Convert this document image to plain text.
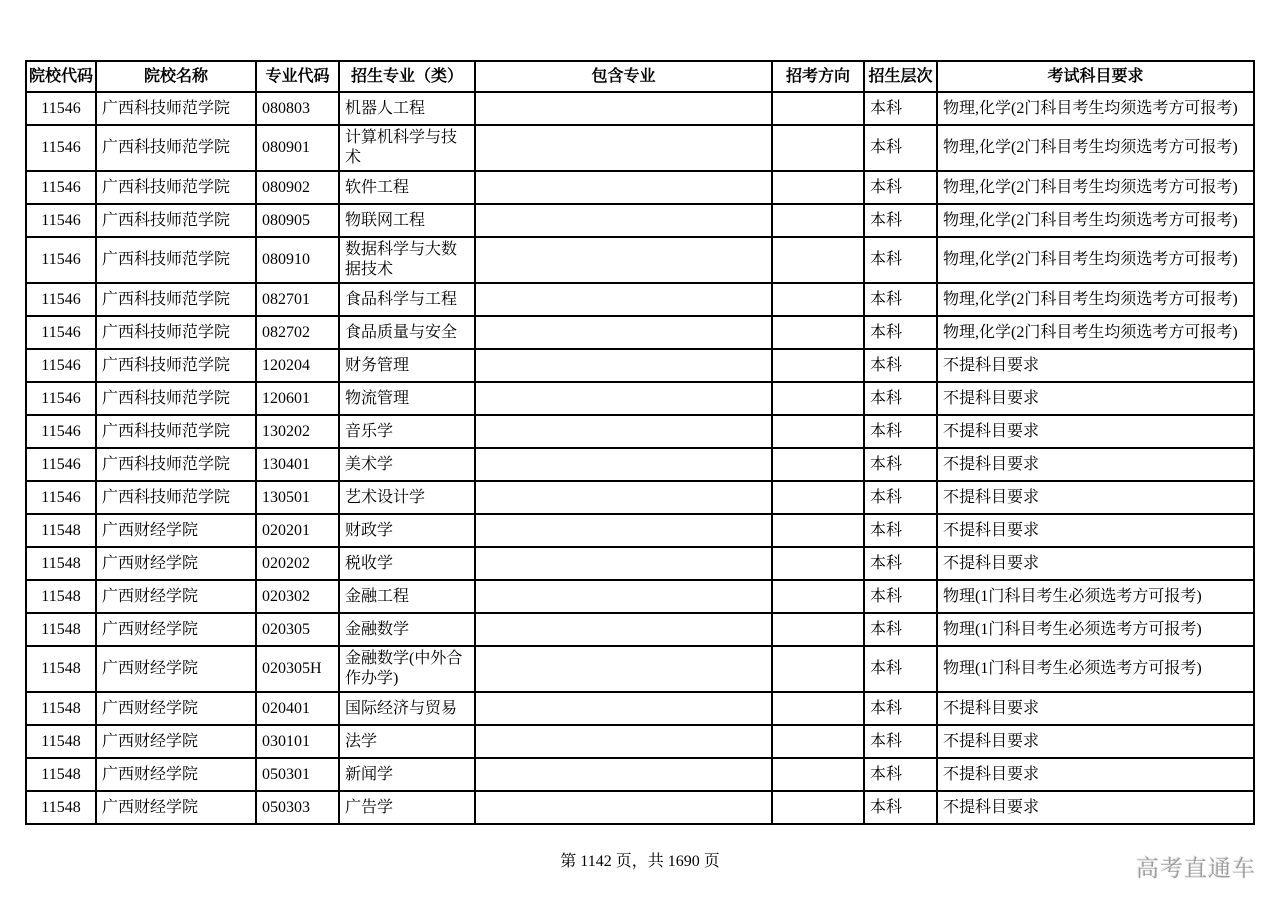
院校代码	院校名称	专业代码	招生专业（类）	包含专业	招考方向	招生层次	考试科目要求
11546	广西科技师范学院	080803	机器人工程			本科	物理,化学(2门科目考生均须选考方可报考)
11546	广西科技师范学院	080901	计算机科学与技术			本科	物理,化学(2门科目考生均须选考方可报考)
11546	广西科技师范学院	080902	软件工程			本科	物理,化学(2门科目考生均须选考方可报考)
11546	广西科技师范学院	080905	物联网工程			本科	物理,化学(2门科目考生均须选考方可报考)
11546	广西科技师范学院	080910	数据科学与大数据技术			本科	物理,化学(2门科目考生均须选考方可报考)
11546	广西科技师范学院	082701	食品科学与工程			本科	物理,化学(2门科目考生均须选考方可报考)
11546	广西科技师范学院	082702	食品质量与安全			本科	物理,化学(2门科目考生均须选考方可报考)
11546	广西科技师范学院	120204	财务管理			本科	不提科目要求
11546	广西科技师范学院	120601	物流管理			本科	不提科目要求
11546	广西科技师范学院	130202	音乐学			本科	不提科目要求
11546	广西科技师范学院	130401	美术学			本科	不提科目要求
11546	广西科技师范学院	130501	艺术设计学			本科	不提科目要求
11548	广西财经学院	020201	财政学			本科	不提科目要求
11548	广西财经学院	020202	税收学			本科	不提科目要求
11548	广西财经学院	020302	金融工程			本科	物理(1门科目考生必须选考方可报考)
11548	广西财经学院	020305	金融数学			本科	物理(1门科目考生必须选考方可报考)
11548	广西财经学院	020305H	金融数学(中外合作办学)			本科	物理(1门科目考生必须选考方可报考)
11548	广西财经学院	020401	国际经济与贸易			本科	不提科目要求
11548	广西财经学院	030101	法学			本科	不提科目要求
11548	广西财经学院	050301	新闻学			本科	不提科目要求
11548	广西财经学院	050303	广告学			本科	不提科目要求
第 1142 页，共 1690 页	高考直通车
